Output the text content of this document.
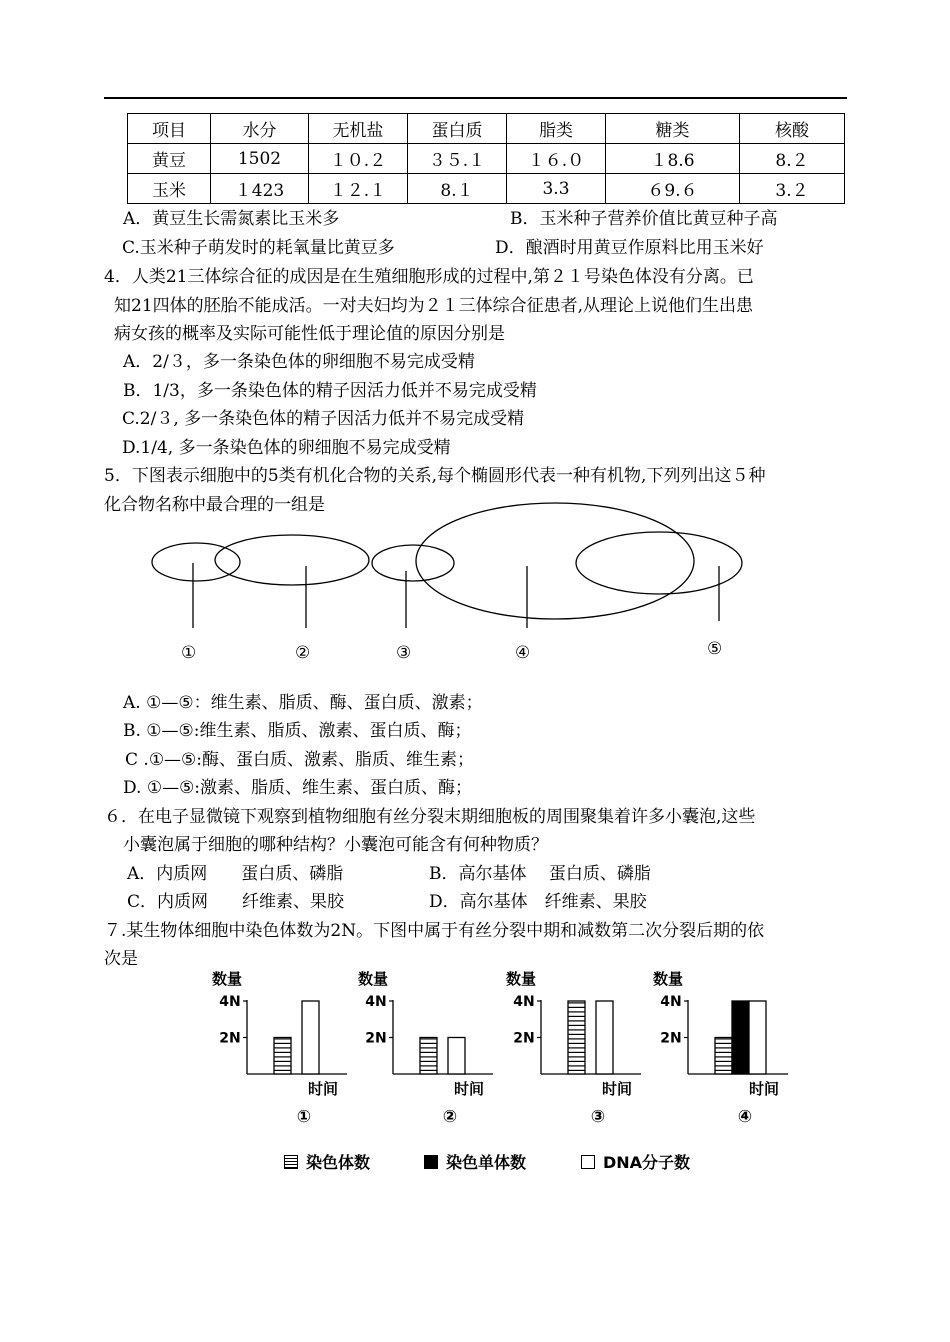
项目	水分	无机盐	蛋白质	脂类	糖类	核酸
黄豆	1502	１０.２	３５.１	１６.０	１8.6	8.２
玉米	１423	１２.１	8.１	3.3	６9.６	3.２
A．黄豆生长需氮素比玉米多	B．玉米种子营养价值比黄豆种子高
C.玉米种子萌发时的耗氧量比黄豆多	D．酿酒时用黄豆作原料比用玉米好
4．人类21三体综合征的成因是在生殖细胞形成的过程中,第２１号染色体没有分离。已
知21四体的胚胎不能成活。一对夫妇均为２１三体综合征患者,从理论上说他们生出患
病女孩的概率及实际可能性低于理论值的原因分别是
A．2/３，多一条染色体的卵细胞不易完成受精
B．1/3，多一条染色体的精子因活力低并不易完成受精
C.2/３, 多一条染色体的精子因活力低并不易完成受精
D.1/4, 多一条染色体的卵细胞不易完成受精
5．下图表示细胞中的5类有机化合物的关系,每个椭圆形代表一种有机物,下列列出这５种
化合物名称中最合理的一组是
①	②	③	④	⑤
A. ①—⑤：维生素、脂质、酶、蛋白质、激素；
B. ①—⑤:维生素、脂质、激素、蛋白质、酶；
C .①—⑤:酶、蛋白质、激素、脂质、维生素；
D. ①—⑤:激素、脂质、维生素、蛋白质、酶；
６．在电子显微镜下观察到植物细胞有丝分裂末期细胞板的周围聚集着许多小囊泡,这些
小囊泡属于细胞的哪种结构？小囊泡可能含有何种物质？
A．内质网　　蛋白质、磷脂	B．高尔基体　 蛋白质、磷脂
C．内质网　　纤维素、果胶	D．高尔基体　纤维素、果胶
７.某生物体细胞中染色体数为2N。下图中属于有丝分裂中期和减数第二次分裂后期的依
次是
数量
4N
2N
时间
①
数量
4N
2N
时间
②
数量
4N
2N
时间
③
数量
4N
2N
时间
④
染色体数	染色单体数	DNA分子数
